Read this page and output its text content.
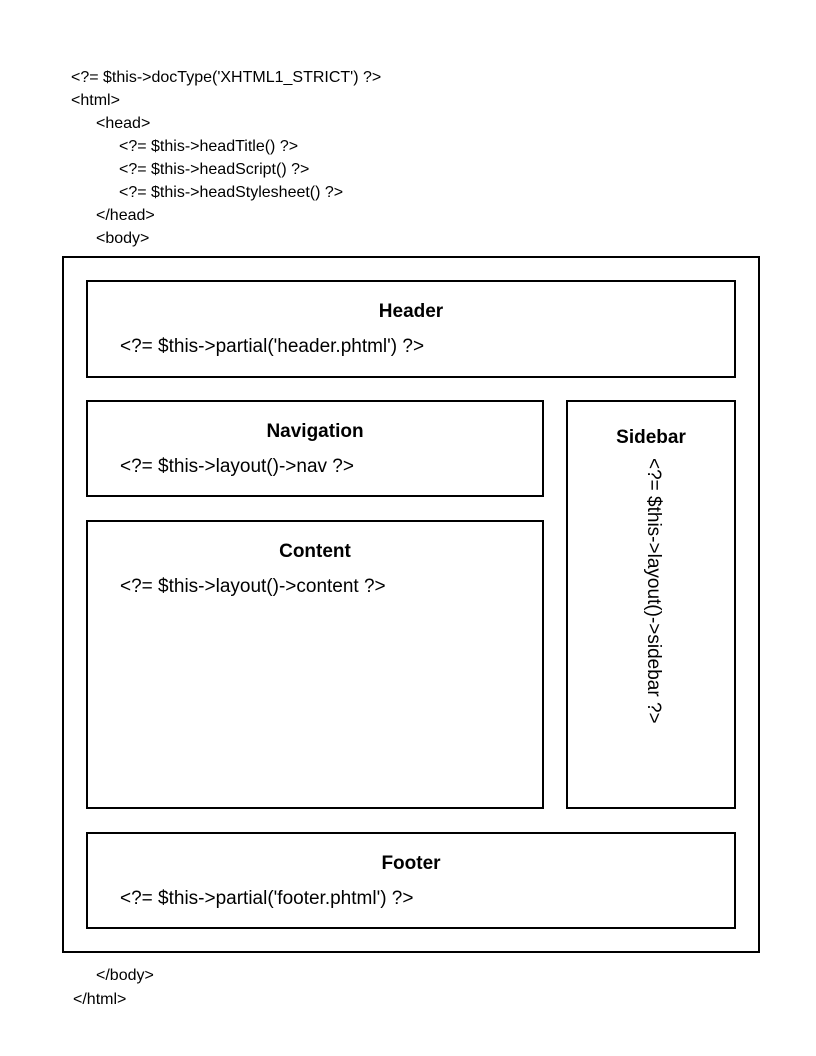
<?= $this->docType('XHTML1_STRICT') ?>
<html>
<head>
<?= $this->headTitle() ?>
<?= $this->headScript() ?>
<?= $this->headStylesheet() ?>
</head>
<body>
Header
<?= $this->partial('header.phtml') ?>
Navigation
<?= $this->layout()->nav ?>
Content
<?= $this->layout()->content ?>
Sidebar
<?= $this->layout()->sidebar ?>
Footer
<?= $this->partial('footer.phtml') ?>
</body>
</html>
